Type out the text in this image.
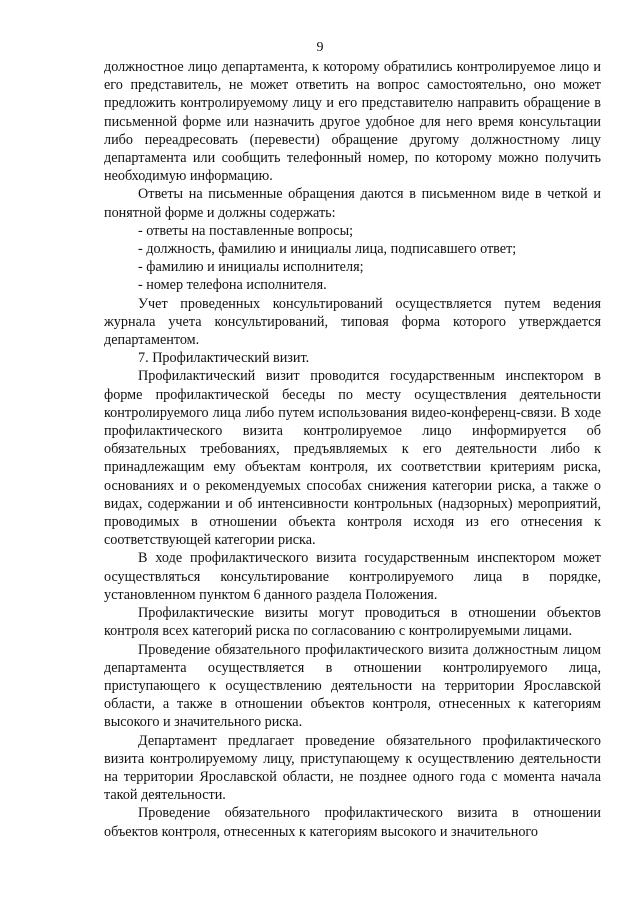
9

должностное лицо департамента, к которому обратились контролируемое лицо и его представитель, не может ответить на вопрос самостоятельно, оно может предложить контролируемому лицу и его представителю направить обращение в письменной форме или назначить другое удобное для него время консультации либо переадресовать (перевести) обращение другому должностному лицу департамента или сообщить телефонный номер, по которому можно получить необходимую информацию.

Ответы на письменные обращения даются в письменном виде в четкой и понятной форме и должны содержать:

- ответы на поставленные вопросы;

- должность, фамилию и инициалы лица, подписавшего ответ;

- фамилию и инициалы исполнителя;

- номер телефона исполнителя.

Учет проведенных консультирований осуществляется путем ведения журнала учета консультирований, типовая форма которого утверждается департаментом.

7. Профилактический визит.

Профилактический визит проводится государственным инспектором в форме профилактической беседы по месту осуществления деятельности контролируемого лица либо путем использования видео-конференц-связи. В ходе профилактического визита контролируемое лицо информируется об обязательных требованиях, предъявляемых к его деятельности либо к принадлежащим ему объектам контроля, их соответствии критериям риска, основаниях и о рекомендуемых способах снижения категории риска, а также о видах, содержании и об интенсивности контрольных (надзорных) мероприятий, проводимых в отношении объекта контроля исходя из его отнесения к соответствующей категории риска.

В ходе профилактического визита государственным инспектором может осуществляться консультирование контролируемого лица в порядке, установленном пунктом 6 данного раздела Положения.

Профилактические визиты могут проводиться в отношении объектов контроля всех категорий риска по согласованию с контролируемыми лицами.

Проведение обязательного профилактического визита должностным лицом департамента осуществляется в отношении контролируемого лица, приступающего к осуществлению деятельности на территории Ярославской области, а также в отношении объектов контроля, отнесенных к категориям высокого и значительного риска.

Департамент предлагает проведение обязательного профилактического визита контролируемому лицу, приступающему к осуществлению деятельности на территории Ярославской области, не позднее одного года с момента начала такой деятельности.

Проведение обязательного профилактического визита в отношении объектов контроля, отнесенных к категориям высокого и значительного
